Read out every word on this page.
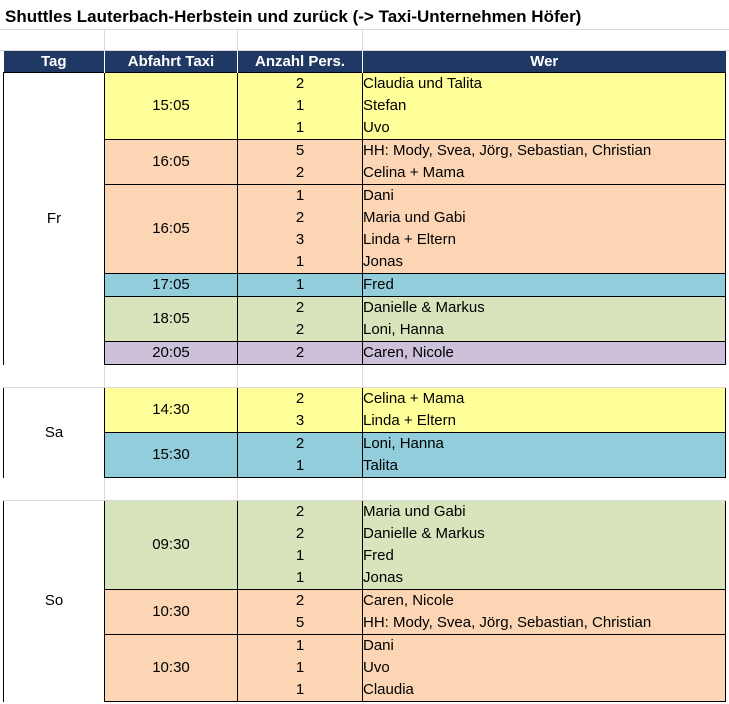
Shuttles Lauterbach-Herbstein und zurück (-> Taxi-Unternehmen Höfer)
Tag	Abfahrt Taxi	Anzahl Pers.	Wer
Fr	15:05	2	Claudia und Talita
		1	Stefan
		1	Uvo
	16:05	5	HH: Mody, Svea, Jörg, Sebastian, Christian
		2	Celina + Mama
	16:05	1	Dani
		2	Maria und Gabi
		3	Linda + Eltern
		1	Jonas
	17:05	1	Fred
	18:05	2	Danielle & Markus
		2	Loni, Hanna
	20:05	2	Caren, Nicole

Sa	14:30	2	Celina + Mama
		3	Linda + Eltern
	15:30	2	Loni, Hanna
		1	Talita

So	09:30	2	Maria und Gabi
		2	Danielle & Markus
		1	Fred
		1	Jonas
	10:30	2	Caren, Nicole
		5	HH: Mody, Svea, Jörg, Sebastian, Christian
	10:30	1	Dani
		1	Uvo
		1	Claudia
